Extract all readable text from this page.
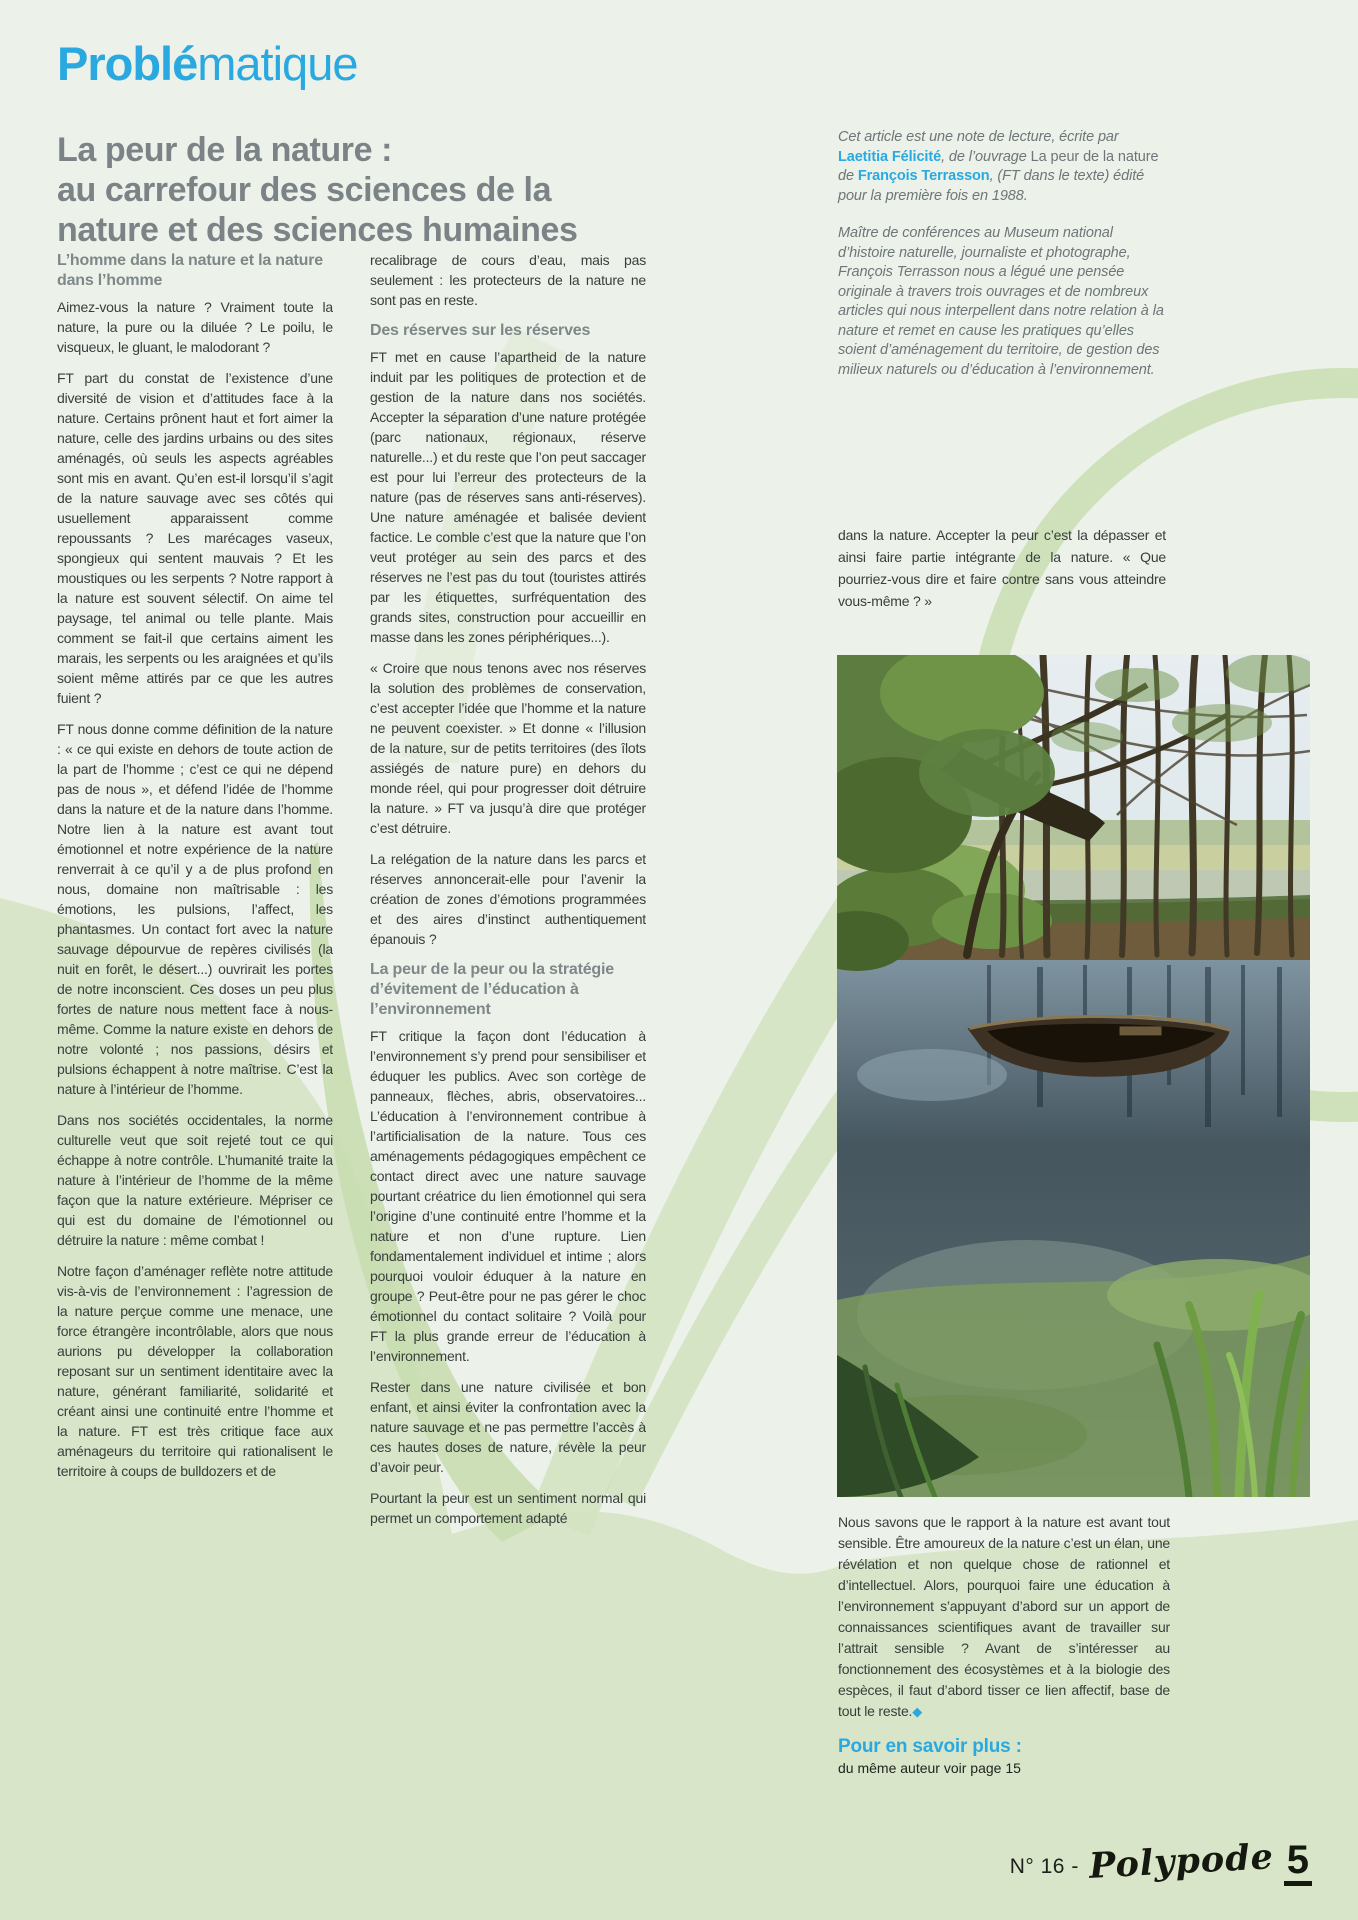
Problématique
La peur de la nature :
au carrefour des sciences de la
nature et des sciences humaines
L’homme dans la nature et la nature dans l’homme

Aimez-vous la nature ? Vraiment toute la nature, la pure ou la diluée ? Le poilu, le visqueux, le gluant, le malodorant ?

FT part du constat de l’existence d’une diversité de vision et d’attitudes face à la nature. Certains prônent haut et fort aimer la nature, celle des jardins urbains ou des sites aménagés, où seuls les aspects agréables sont mis en avant. Qu’en est-il lorsqu’il s’agit de la nature sauvage avec ses côtés qui usuellement apparaissent comme repoussants ? Les marécages vaseux, spongieux qui sentent mauvais ? Et les moustiques ou les serpents ? Notre rapport à la nature est souvent sélectif. On aime tel paysage, tel animal ou telle plante. Mais comment se fait-il que certains aiment les marais, les serpents ou les araignées et qu’ils soient même attirés par ce que les autres fuient ?

FT nous donne comme définition de la nature : « ce qui existe en dehors de toute action de la part de l’homme ; c’est ce qui ne dépend pas de nous », et défend l’idée de l’homme dans la nature et de la nature dans l’homme. Notre lien à la nature est avant tout émotionnel et notre expérience de la nature renverrait à ce qu’il y a de plus profond en nous, domaine non maîtrisable : les émotions, les pulsions, l’affect, les phantasmes. Un contact fort avec la nature sauvage dépourvue de repères civilisés (la nuit en forêt, le désert...) ouvrirait les portes de notre inconscient. Ces doses un peu plus fortes de nature nous mettent face à nous-même. Comme la nature existe en dehors de notre volonté ; nos passions, désirs et pulsions échappent à notre maîtrise. C’est la nature à l’intérieur de l’homme.

Dans nos sociétés occidentales, la norme culturelle veut que soit rejeté tout ce qui échappe à notre contrôle. L’humanité traite la nature à l’intérieur de l’homme de la même façon que la nature extérieure. Mépriser ce qui est du domaine de l’émotionnel ou détruire la nature : même combat !

Notre façon d’aménager reflète notre attitude vis-à-vis de l’environnement : l’agression de la nature perçue comme une menace, une force étrangère incontrôlable, alors que nous aurions pu développer la collaboration reposant sur un sentiment identitaire avec la nature, générant familiarité, solidarité et créant ainsi une continuité entre l’homme et la nature. FT est très critique face aux aménageurs du territoire qui rationalisent le territoire à coups de bulldozers et de

recalibrage de cours d’eau, mais pas seulement : les protecteurs de la nature ne sont pas en reste.

Des réserves sur les réserves

FT met en cause l’apartheid de la nature induit par les politiques de protection et de gestion de la nature dans nos sociétés. Accepter la séparation d’une nature protégée (parc nationaux, régionaux, réserve naturelle...) et du reste que l’on peut saccager est pour lui l’erreur des protecteurs de la nature (pas de réserves sans anti-réserves). Une nature aménagée et balisée devient factice. Le comble c’est que la nature que l’on veut protéger au sein des parcs et des réserves ne l’est pas du tout (touristes attirés par les étiquettes, surfréquentation des grands sites, construction pour accueillir en masse dans les zones périphériques...).

« Croire que nous tenons avec nos réserves la solution des problèmes de conservation, c’est accepter l’idée que l’homme et la nature ne peuvent coexister. » Et donne « l’illusion de la nature, sur de petits territoires (des îlots assiégés de nature pure) en dehors du monde réel, qui pour progresser doit détruire la nature. » FT va jusqu’à dire que protéger c’est détruire.

La relégation de la nature dans les parcs et réserves annoncerait-elle pour l’avenir la création de zones d’émotions programmées et des aires d’instinct authentiquement épanouis ?

La peur de la peur ou la stratégie d’évitement de l’éducation à l’environnement

FT critique la façon dont l’éducation à l’environnement s’y prend pour sensibiliser et éduquer les publics. Avec son cortège de panneaux, flèches, abris, observatoires... L’éducation à l’environnement contribue à l’artificialisation de la nature. Tous ces aménagements pédagogiques empêchent ce contact direct avec une nature sauvage pourtant créatrice du lien émotionnel qui sera l’origine d’une continuité entre l’homme et la nature et non d’une rupture. Lien fondamentalement individuel et intime ; alors pourquoi vouloir éduquer à la nature en groupe ? Peut-être pour ne pas gérer le choc émotionnel du contact solitaire ? Voilà pour FT la plus grande erreur de l’éducation à l’environnement.

Rester dans une nature civilisée et bon enfant, et ainsi éviter la confrontation avec la nature sauvage et ne pas permettre l’accès à ces hautes doses de nature, révèle la peur d’avoir peur.

Pourtant la peur est un sentiment normal qui permet un comportement adapté

Cet article est une note de lecture, écrite par Laetitia Félicité, de l’ouvrage La peur de la nature de François Terrasson, (FT dans le texte) édité pour la première fois en 1988.

Maître de conférences au Museum national d’histoire naturelle, journaliste et photographe, François Terrasson nous a légué une pensée originale à travers trois ouvrages et de nombreux articles qui nous interpellent dans notre relation à la nature et remet en cause les pratiques qu’elles soient d’aménagement du territoire, de gestion des milieux naturels ou d’éducation à l’environnement.

dans la nature. Accepter la peur c’est la dépasser et ainsi faire partie intégrante de la nature. « Que pourriez-vous dire et faire contre sans vous atteindre vous-même ? »

Nous savons que le rapport à la nature est avant tout sensible. Être amoureux de la nature c’est un élan, une révélation et non quelque chose de rationnel et d’intellectuel. Alors, pourquoi faire une éducation à l’environnement s’appuyant d’abord sur un apport de connaissances scientifiques avant de travailler sur l’attrait sensible ? Avant de s’intéresser au fonctionnement des écosystèmes et à la biologie des espèces, il faut d’abord tisser ce lien affectif, base de tout le reste.◆

Pour en savoir plus :

du même auteur voir page 15

N° 16 - Polypode 5
